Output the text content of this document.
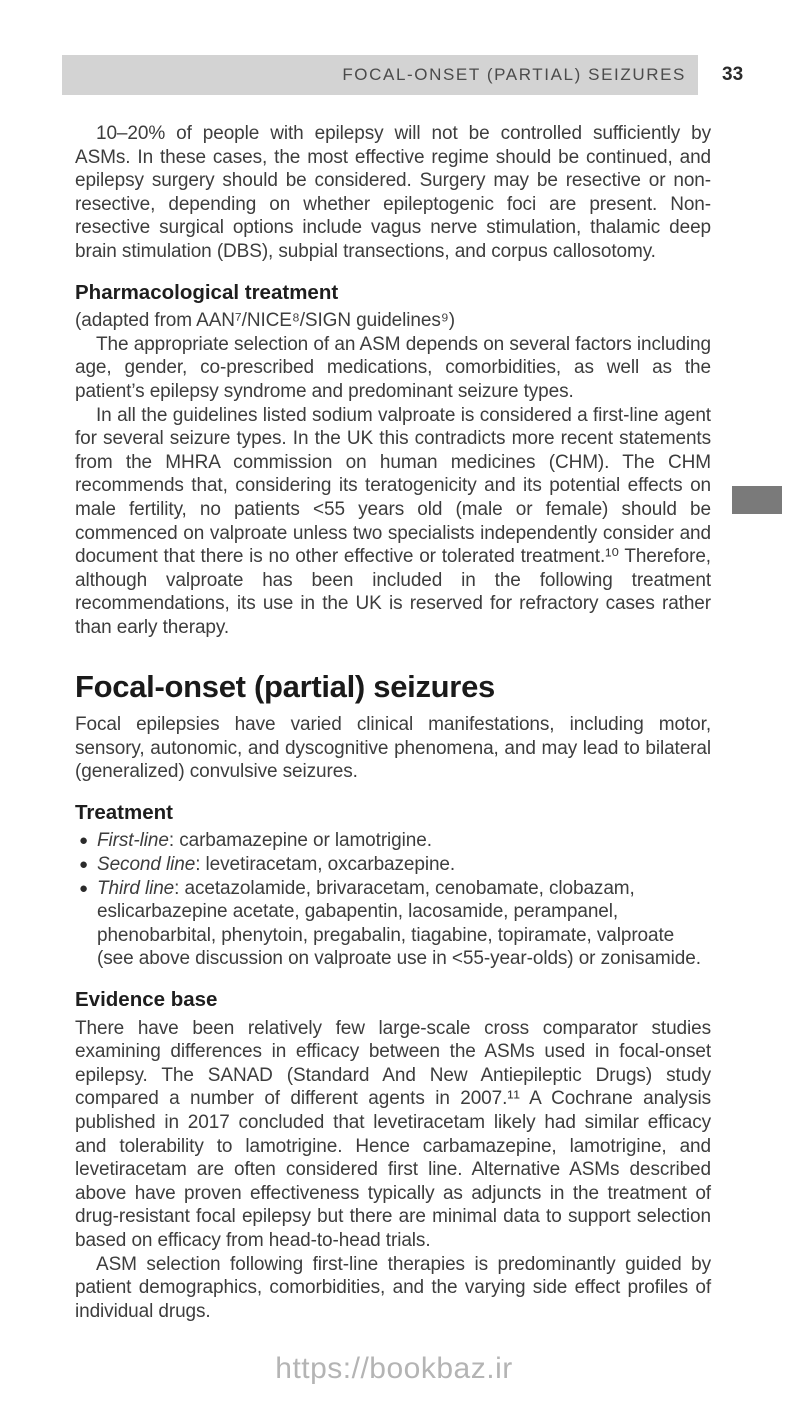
FOCAL-ONSET (PARTIAL) SEIZURES	33

10–20% of people with epilepsy will not be controlled sufficiently by ASMs. In these cases, the most effective regime should be continued, and epilepsy surgery should be considered. Surgery may be resective or non-resective, depending on whether epileptogenic foci are present. Non-resective surgical options include vagus nerve stimulation, thalamic deep brain stimulation (DBS), subpial transections, and corpus callosotomy.

Pharmacological treatment

(adapted from AAN⁷/NICE⁸/SIGN guidelines⁹)

The appropriate selection of an ASM depends on several factors including age, gender, co-prescribed medications, comorbidities, as well as the patient’s epilepsy syndrome and predominant seizure types.

In all the guidelines listed sodium valproate is considered a first-line agent for several seizure types. In the UK this contradicts more recent statements from the MHRA commission on human medicines (CHM). The CHM recommends that, considering its teratogenicity and its potential effects on male fertility, no patients <55 years old (male or female) should be commenced on valproate unless two specialists independently consider and document that there is no other effective or tolerated treatment.¹⁰ Therefore, although valproate has been included in the following treatment recommendations, its use in the UK is reserved for refractory cases rather than early therapy.

Focal-onset (partial) seizures

Focal epilepsies have varied clinical manifestations, including motor, sensory, autonomic, and dyscognitive phenomena, and may lead to bilateral (generalized) convulsive seizures.

Treatment
● First-line: carbamazepine or lamotrigine.
● Second line: levetiracetam, oxcarbazepine.
● Third line: acetazolamide, brivaracetam, cenobamate, clobazam, eslicarbazepine acetate, gabapentin, lacosamide, perampanel, phenobarbital, phenytoin, pregabalin, tiagabine, topiramate, valproate (see above discussion on valproate use in <55-year-olds) or zonisamide.
Evidence base

There have been relatively few large-scale cross comparator studies examining differences in efficacy between the ASMs used in focal-onset epilepsy. The SANAD (Standard And New Antiepileptic Drugs) study compared a number of different agents in 2007.¹¹ A Cochrane analysis published in 2017 concluded that levetiracetam likely had similar efficacy and tolerability to lamotrigine. Hence carbamazepine, lamotrigine, and levetiracetam are often considered first line. Alternative ASMs described above have proven effectiveness typically as adjuncts in the treatment of drug-resistant focal epilepsy but there are minimal data to support selection based on efficacy from head-to-head trials.

ASM selection following first-line therapies is predominantly guided by patient demographics, comorbidities, and the varying side effect profiles of individual drugs.

https://bookbaz.ir
